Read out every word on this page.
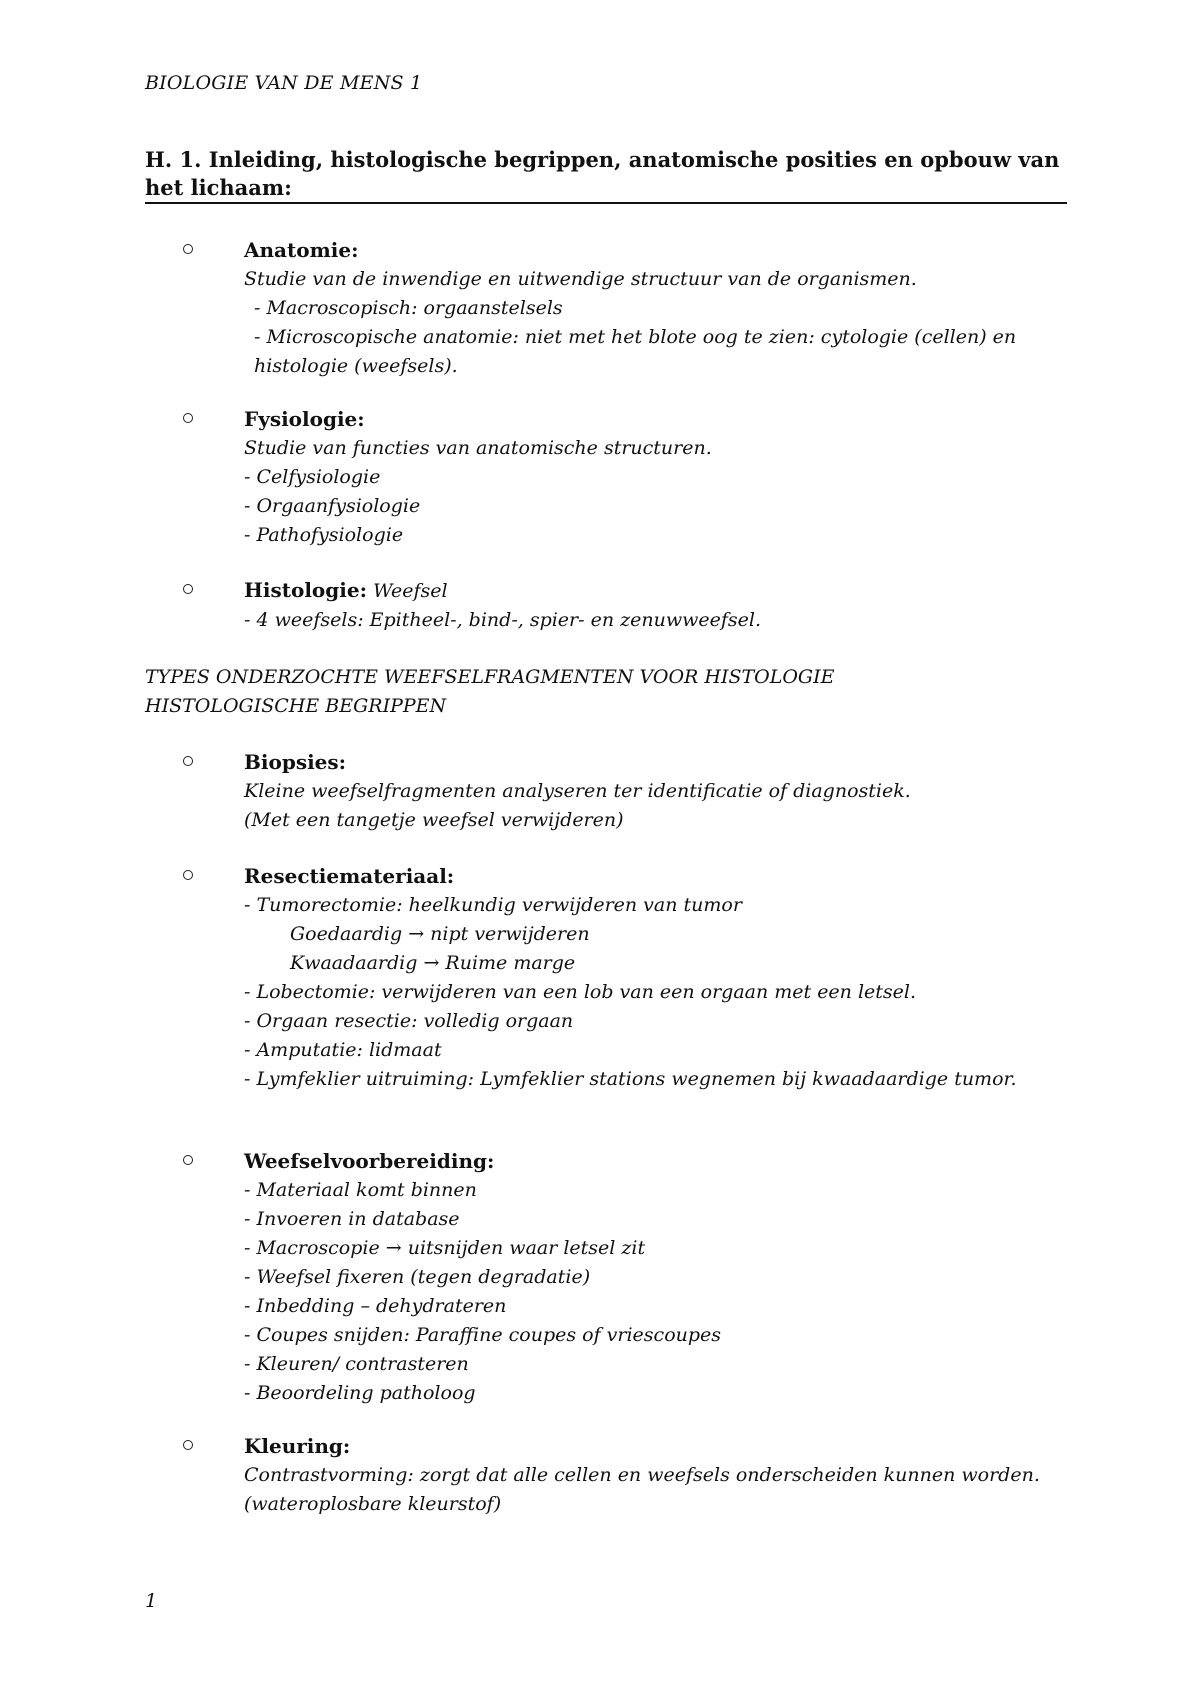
BIOLOGIE VAN DE MENS 1
H. 1. Inleiding, histologische begrippen, anatomische posities en opbouw van het lichaam:
Anatomie:
Studie van de inwendige en uitwendige structuur van de organismen.
- Macroscopisch: orgaanstelsels
- Microscopische anatomie: niet met het blote oog te zien: cytologie (cellen) en
histologie (weefsels).
Fysiologie:
Studie van functies van anatomische structuren.
- Celfysiologie
- Orgaanfysiologie
- Pathofysiologie
Histologie: Weefsel
- 4 weefsels: Epitheel-, bind-, spier- en zenuwweefsel.
TYPES ONDERZOCHTE WEEFSELFRAGMENTEN VOOR HISTOLOGIE
HISTOLOGISCHE BEGRIPPEN
Biopsies:
Kleine weefselfragmenten analyseren ter identificatie of diagnostiek.
(Met een tangetje weefsel verwijderen)
Resectiemateriaal:
- Tumorectomie: heelkundig verwijderen van tumor
Goedaardig → nipt verwijderen
Kwaadaardig → Ruime marge
- Lobectomie: verwijderen van een lob van een orgaan met een letsel.
- Orgaan resectie: volledig orgaan
- Amputatie: lidmaat
- Lymfeklier uitruiming: Lymfeklier stations wegnemen bij kwaadaardige tumor.
Weefselvoorbereiding:
- Materiaal komt binnen
- Invoeren in database
- Macroscopie → uitsnijden waar letsel zit
- Weefsel fixeren (tegen degradatie)
- Inbedding – dehydrateren
- Coupes snijden: Paraffine coupes of vriescoupes
- Kleuren/ contrasteren
- Beoordeling patholoog
Kleuring:
Contrastvorming: zorgt dat alle cellen en weefsels onderscheiden kunnen worden.
(wateroplosbare kleurstof)
1
